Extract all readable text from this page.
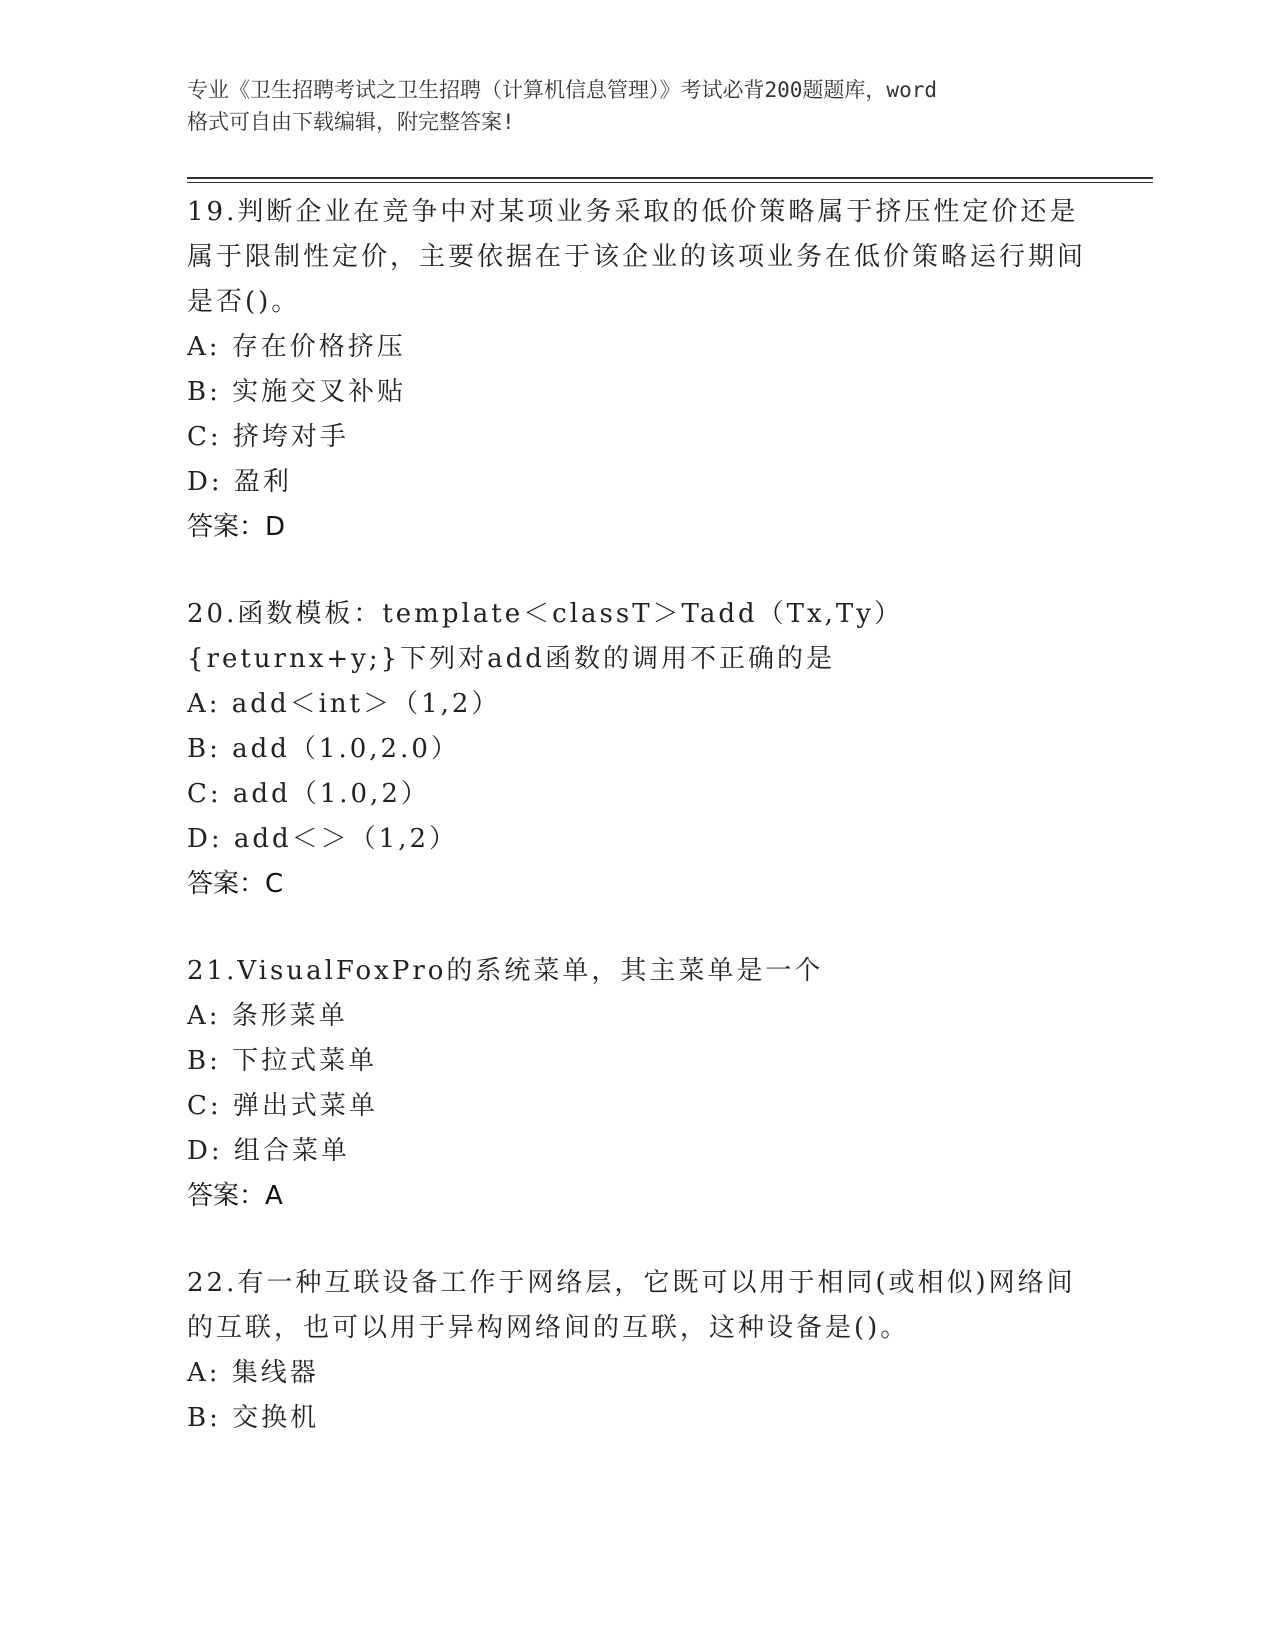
专业《卫生招聘考试之卫生招聘（计算机信息管理）》考试必背200题题库，word
格式可自由下载编辑，附完整答案!
19.判断企业在竞争中对某项业务采取的低价策略属于挤压性定价还是属于限制性定价，主要依据在于该企业的该项业务在低价策略运行期间是否()。
A: 存在价格挤压
B: 实施交叉补贴
C: 挤垮对手
D: 盈利
答案：D
20.函数模板：template＜classT＞Tadd（Tx,Ty）{returnx+y;}下列对add函数的调用不正确的是
A: add＜int＞（1,2）
B: add（1.0,2.0）
C: add（1.0,2）
D: add＜＞（1,2）
答案：C
21.VisualFoxPro的系统菜单，其主菜单是一个
A: 条形菜单
B: 下拉式菜单
C: 弹出式菜单
D: 组合菜单
答案：A
22.有一种互联设备工作于网络层，它既可以用于相同(或相似)网络间的互联，也可以用于异构网络间的互联，这种设备是()。
A: 集线器
B: 交换机
